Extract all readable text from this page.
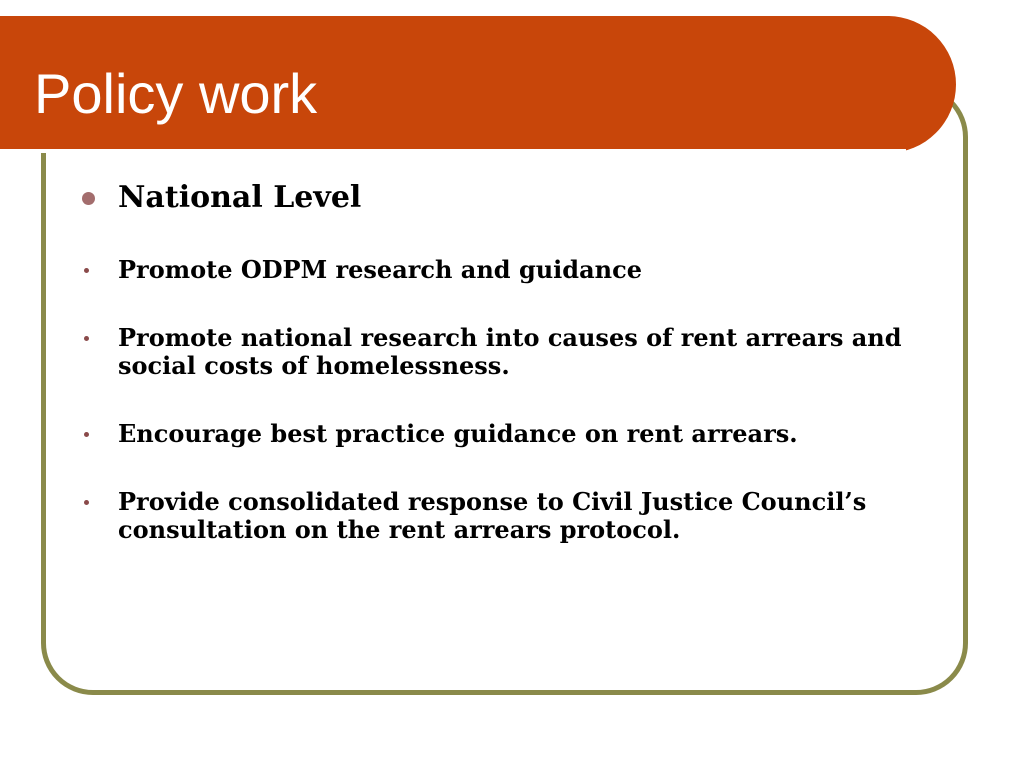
Policy work
National Level
Promote ODPM research and guidance
Promote national research into causes of rent arrears and social costs of homelessness.
Encourage best practice guidance on rent arrears.
Provide consolidated response to Civil Justice Council’s consultation on the rent arrears protocol.
